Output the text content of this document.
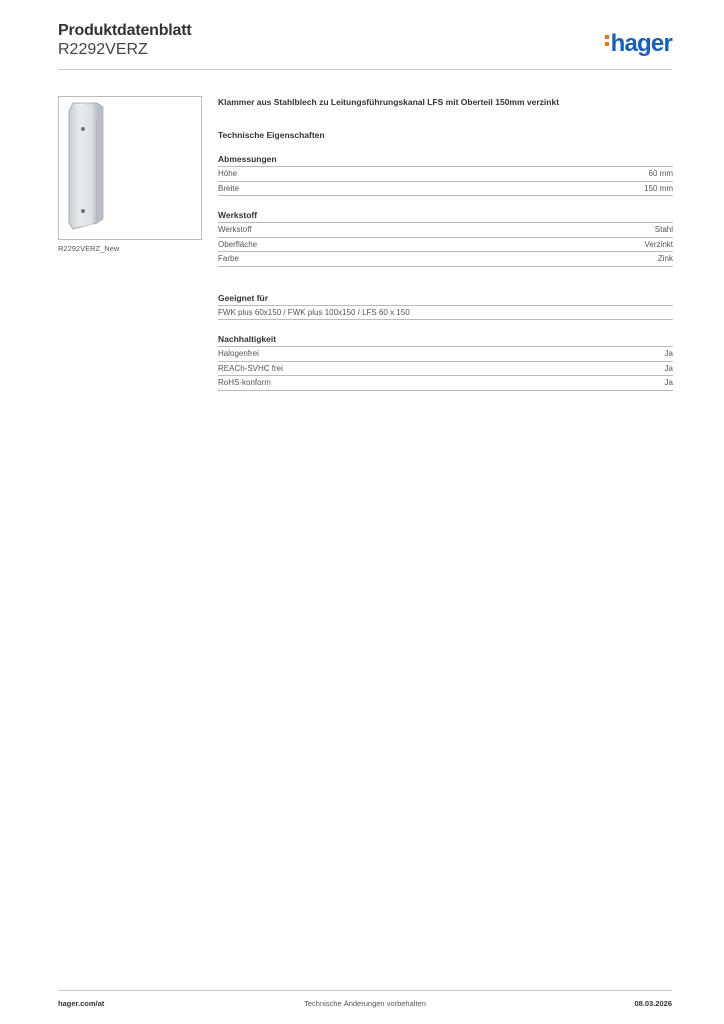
Produktdatenblatt
R2292VERZ	hager
R2292VERZ_New
Klammer aus Stahlblech zu Leitungsführungskanal LFS mit Oberteil 150mm verzinkt
Technische Eigenschaften
Abmessungen
Höhe	60 mm
Breite	150 mm
Werkstoff
Werkstoff	Stahl
Oberfläche	Verzinkt
Farbe	Zink
Geeignet für
FWK plus 60x150 / FWK plus 100x150 / LFS 60 x 150
Nachhaltigkeit
Halogenfrei	Ja
REACh-SVHC frei	Ja
RoHS-konform	Ja
hager.com/at	Technische Änderungen vorbehalten	08.03.2026
